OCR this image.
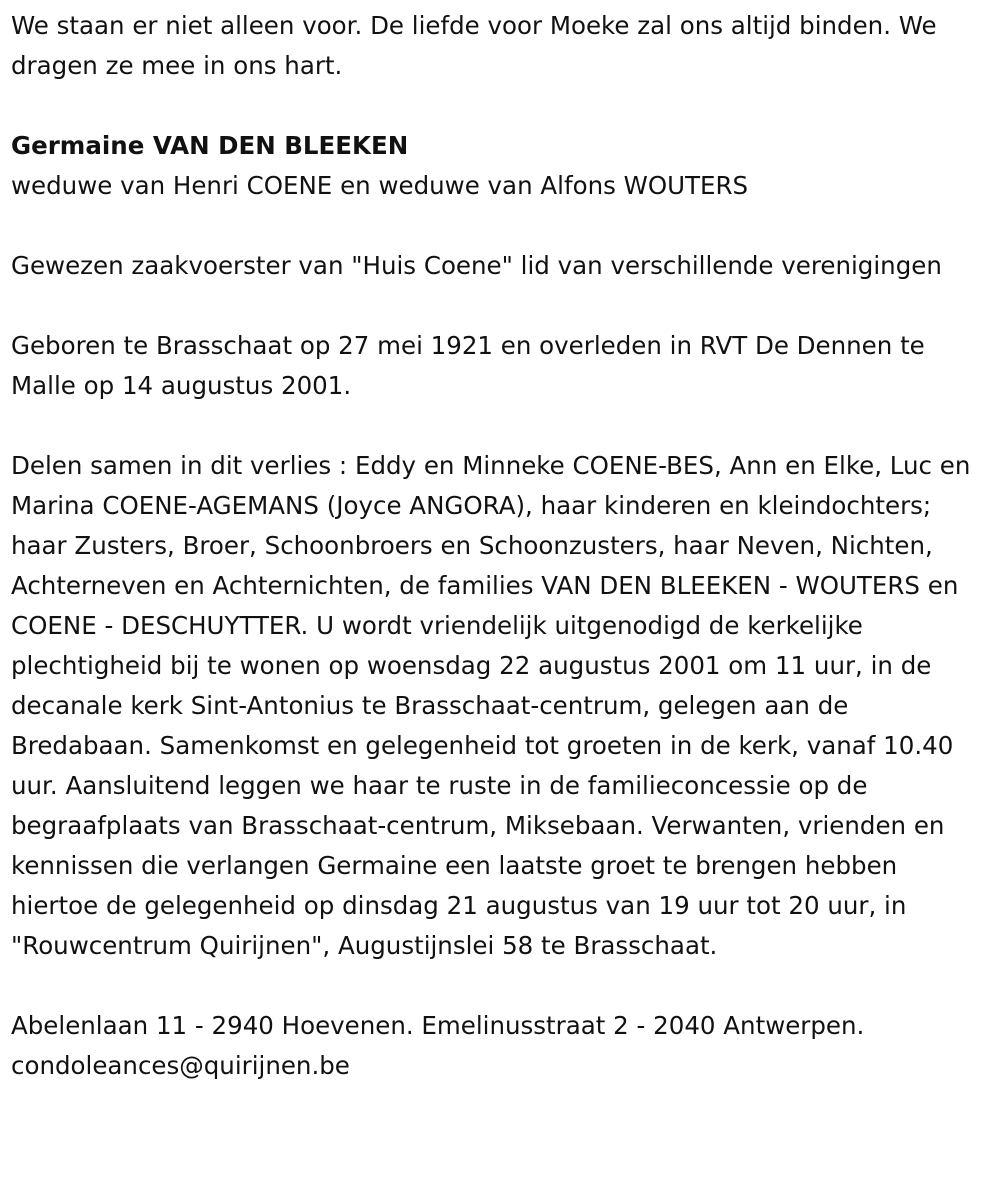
We staan er niet alleen voor. De liefde voor Moeke zal ons altijd binden. We dragen ze mee in ons hart.

Germaine VAN DEN BLEEKEN

weduwe van Henri COENE en weduwe van Alfons WOUTERS

Gewezen zaakvoerster van "Huis Coene" lid van verschillende verenigingen

Geboren te Brasschaat op 27 mei 1921 en overleden in RVT De Dennen te Malle op 14 augustus 2001.

Delen samen in dit verlies : Eddy en Minneke COENE-BES, Ann en Elke, Luc en Marina COENE-AGEMANS (Joyce ANGORA), haar kinderen en kleindochters; haar Zusters, Broer, Schoonbroers en Schoonzusters, haar Neven, Nichten, Achterneven en Achternichten, de families VAN DEN BLEEKEN - WOUTERS en COENE - DESCHUYTTER. U wordt vriendelijk uitgenodigd de kerkelijke plechtigheid bij te wonen op woensdag 22 augustus 2001 om 11 uur, in de decanale kerk Sint-Antonius te Brasschaat-centrum, gelegen aan de Bredabaan. Samenkomst en gelegenheid tot groeten in de kerk, vanaf 10.40 uur. Aansluitend leggen we haar te ruste in de familieconcessie op de begraafplaats van Brasschaat-centrum, Miksebaan. Verwanten, vrienden en kennissen die verlangen Germaine een laatste groet te brengen hebben hiertoe de gelegenheid op dinsdag 21 augustus van 19 uur tot 20 uur, in "Rouwcentrum Quirijnen", Augustijnslei 58 te Brasschaat.

Abelenlaan 11 - 2940 Hoevenen. Emelinusstraat 2 - 2040 Antwerpen.

condoleances@quirijnen.be
